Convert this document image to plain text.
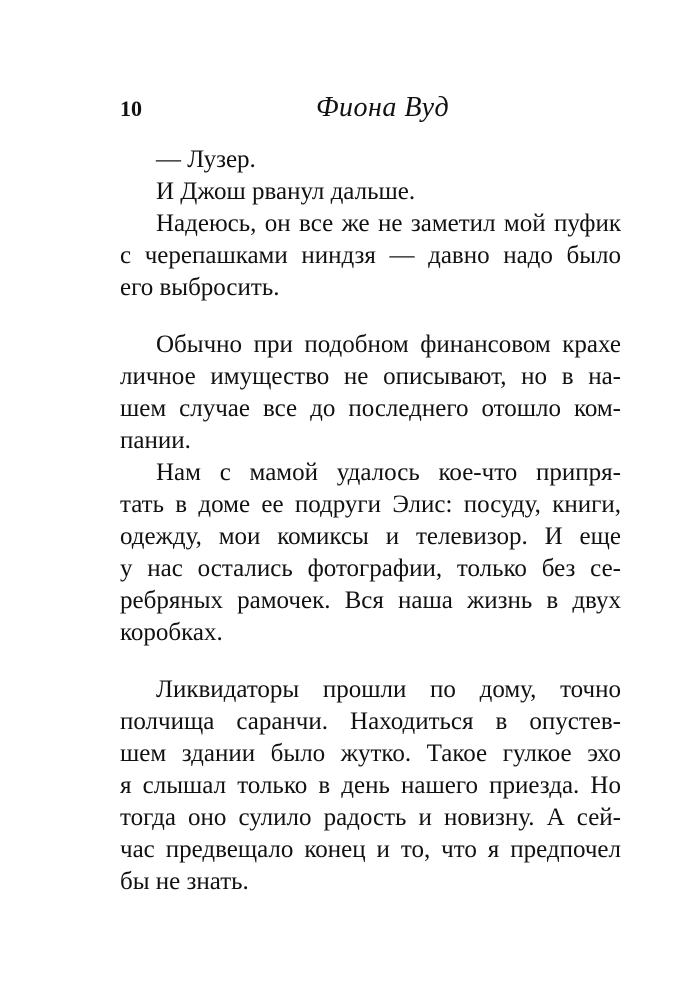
10	Фиона Вуд
— Лузер.
И Джош рванул дальше.
Надеюсь, он все же не заметил мой пуфик
с черепашками ниндзя — давно надо было
его выбросить.
Обычно при подобном финансовом крахе
личное имущество не описывают, но в на-
шем случае все до последнего отошло ком-
пании.
Нам с мамой удалось кое-что припря-
тать в доме ее подруги Элис: посуду, книги,
одежду, мои комиксы и телевизор. И еще
у нас остались фотографии, только без се-
ребряных рамочек. Вся наша жизнь в двух
коробках.
Ликвидаторы прошли по дому, точно
полчища саранчи. Находиться в опустев-
шем здании было жутко. Такое гулкое эхо
я слышал только в день нашего приезда. Но
тогда оно сулило радость и новизну. А сей-
час предвещало конец и то, что я предпочел
бы не знать.
